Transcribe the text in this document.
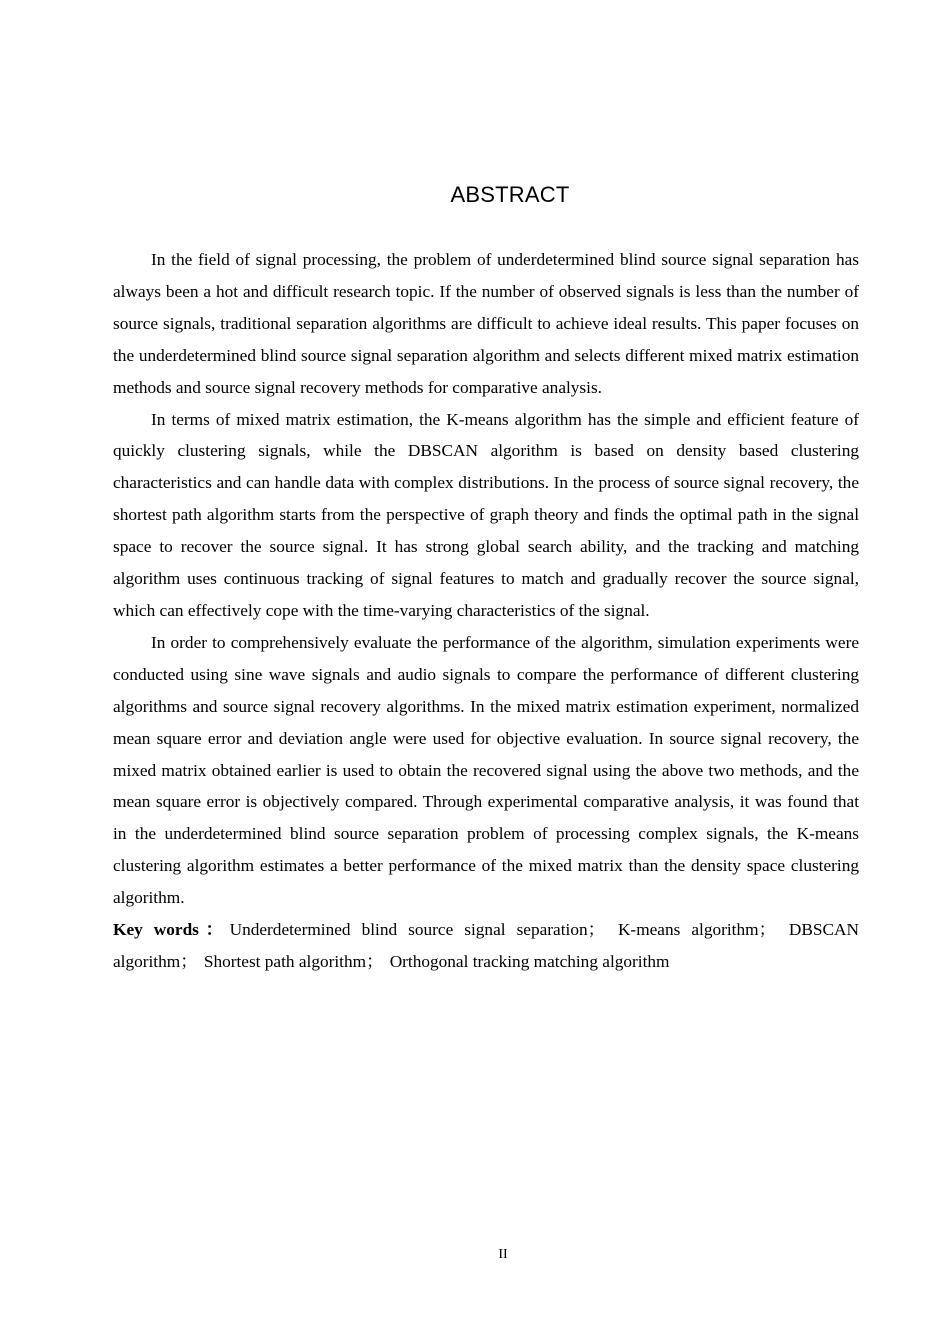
ABSTRACT

In the field of signal processing, the problem of underdetermined blind source signal separation has always been a hot and difficult research topic. If the number of observed signals is less than the number of source signals, traditional separation algorithms are difficult to achieve ideal results. This paper focuses on the underdetermined blind source signal separation algorithm and selects different mixed matrix estimation methods and source signal recovery methods for comparative analysis.

In terms of mixed matrix estimation, the K-means algorithm has the simple and efficient feature of quickly clustering signals, while the DBSCAN algorithm is based on density based clustering characteristics and can handle data with complex distributions. In the process of source signal recovery, the shortest path algorithm starts from the perspective of graph theory and finds the optimal path in the signal space to recover the source signal. It has strong global search ability, and the tracking and matching algorithm uses continuous tracking of signal features to match and gradually recover the source signal, which can effectively cope with the time-varying characteristics of the signal.

In order to comprehensively evaluate the performance of the algorithm, simulation experiments were conducted using sine wave signals and audio signals to compare the performance of different clustering algorithms and source signal recovery algorithms. In the mixed matrix estimation experiment, normalized mean square error and deviation angle were used for objective evaluation. In source signal recovery, the mixed matrix obtained earlier is used to obtain the recovered signal using the above two methods, and the mean square error is objectively compared. Through experimental comparative analysis, it was found that in the underdetermined blind source separation problem of processing complex signals, the K-means clustering algorithm estimates a better performance of the mixed matrix than the density space clustering algorithm.

Key words：Underdetermined blind source signal separation； K-means algorithm； DBSCAN algorithm； Shortest path algorithm； Orthogonal tracking matching algorithm

II
